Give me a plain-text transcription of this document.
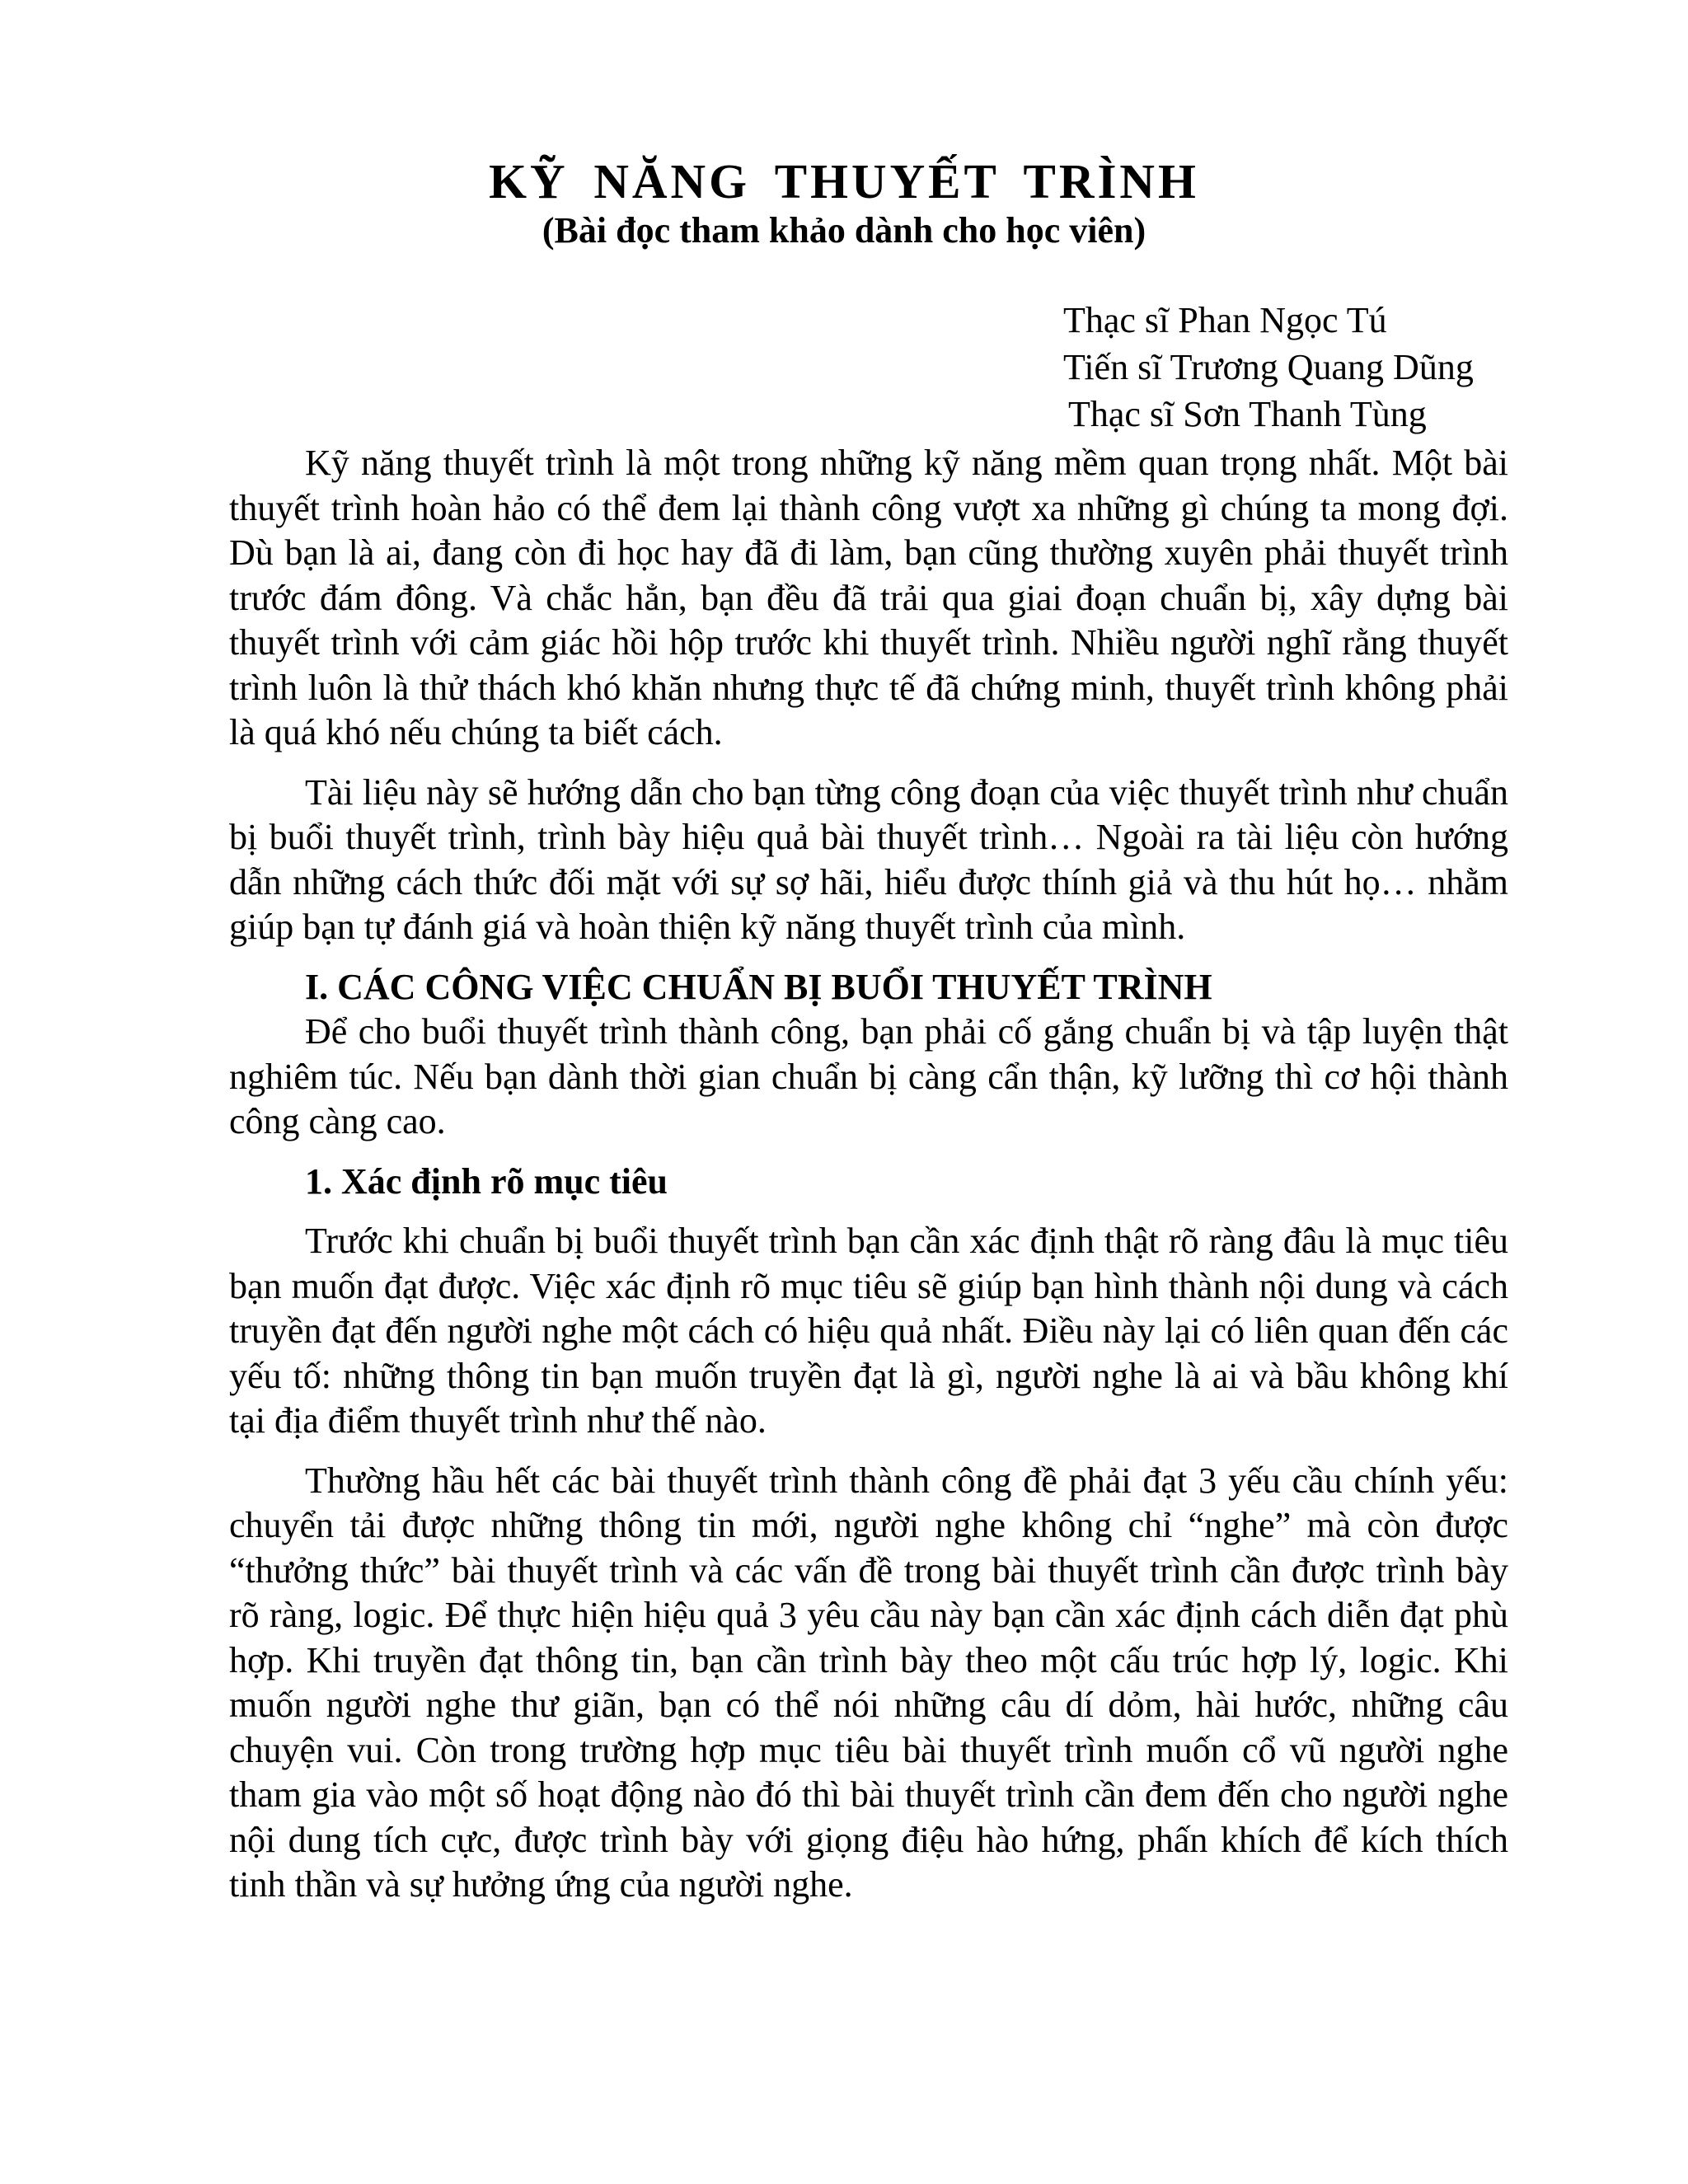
KỸ NĂNG THUYẾT TRÌNH
(Bài đọc tham khảo dành cho học viên)
Thạc sĩ Phan Ngọc Tú
Tiến sĩ Trương Quang Dũng
Thạc sĩ Sơn Thanh Tùng

Kỹ năng thuyết trình là một trong những kỹ năng mềm quan trọng nhất. Một bài thuyết trình hoàn hảo có thể đem lại thành công vượt xa những gì chúng ta mong đợi. Dù bạn là ai, đang còn đi học hay đã đi làm, bạn cũng thường xuyên phải thuyết trình trước đám đông. Và chắc hẳn, bạn đều đã trải qua giai đoạn chuẩn bị, xây dựng bài thuyết trình với cảm giác hồi hộp trước khi thuyết trình. Nhiều người nghĩ rằng thuyết trình luôn là thử thách khó khăn nhưng thực tế đã chứng minh, thuyết trình không phải là quá khó nếu chúng ta biết cách.

Tài liệu này sẽ hướng dẫn cho bạn từng công đoạn của việc thuyết trình như chuẩn bị buổi thuyết trình, trình bày hiệu quả bài thuyết trình… Ngoài ra tài liệu còn hướng dẫn những cách thức đối mặt với sự sợ hãi, hiểu được thính giả và thu hút họ… nhằm giúp bạn tự đánh giá và hoàn thiện kỹ năng thuyết trình của mình.

I. CÁC CÔNG VIỆC CHUẨN BỊ BUỔI THUYẾT TRÌNH

Để cho buổi thuyết trình thành công, bạn phải cố gắng chuẩn bị và tập luyện thật nghiêm túc. Nếu bạn dành thời gian chuẩn bị càng cẩn thận, kỹ lưỡng thì cơ hội thành công càng cao.

1. Xác định rõ mục tiêu

Trước khi chuẩn bị buổi thuyết trình bạn cần xác định thật rõ ràng đâu là mục tiêu bạn muốn đạt được. Việc xác định rõ mục tiêu sẽ giúp bạn hình thành nội dung và cách truyền đạt đến người nghe một cách có hiệu quả nhất. Điều này lại có liên quan đến các yếu tố: những thông tin bạn muốn truyền đạt là gì, người nghe là ai và bầu không khí tại địa điểm thuyết trình như thế nào.

Thường hầu hết các bài thuyết trình thành công đề phải đạt 3 yếu cầu chính yếu: chuyển tải được những thông tin mới, người nghe không chỉ “nghe” mà còn được “thưởng thức” bài thuyết trình và các vấn đề trong bài thuyết trình cần được trình bày rõ ràng, logic. Để thực hiện hiệu quả 3 yêu cầu này bạn cần xác định cách diễn đạt phù hợp. Khi truyền đạt thông tin, bạn cần trình bày theo một cấu trúc hợp lý, logic. Khi muốn người nghe thư giãn, bạn có thể nói những câu dí dỏm, hài hước, những câu chuyện vui. Còn trong trường hợp mục tiêu bài thuyết trình muốn cổ vũ người nghe tham gia vào một số hoạt động nào đó thì bài thuyết trình cần đem đến cho người nghe nội dung tích cực, được trình bày với giọng điệu hào hứng, phấn khích để kích thích tinh thần và sự hưởng ứng của người nghe.
